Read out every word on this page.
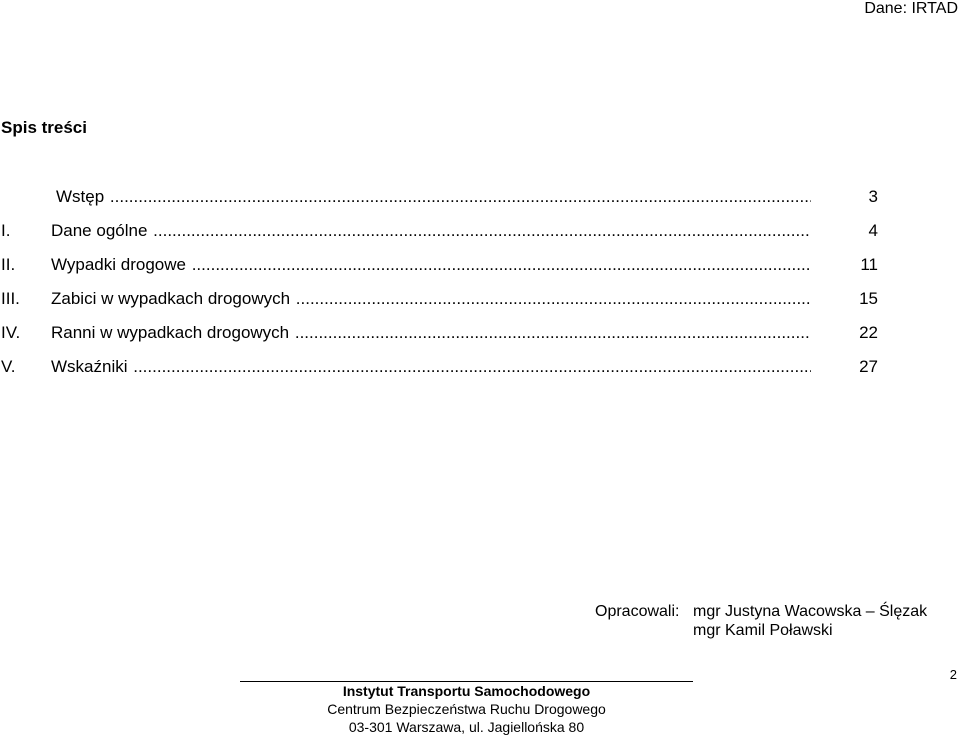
Dane: IRTAD
Spis treści
Wstęp .....	3
I. Dane ogólne .....	4
II. Wypadki drogowe .....	11
III. Zabici w wypadkach drogowych .....	15
IV. Ranni w wypadkach drogowych .....	22
V. Wskaźniki .....	27
Opracowali: mgr Justyna Wacowska – Ślęzak
mgr Kamil Poławski
Instytut Transportu Samochodowego
Centrum Bezpieczeństwa Ruchu Drogowego
03-301 Warszawa, ul. Jagiellońska 80
2
